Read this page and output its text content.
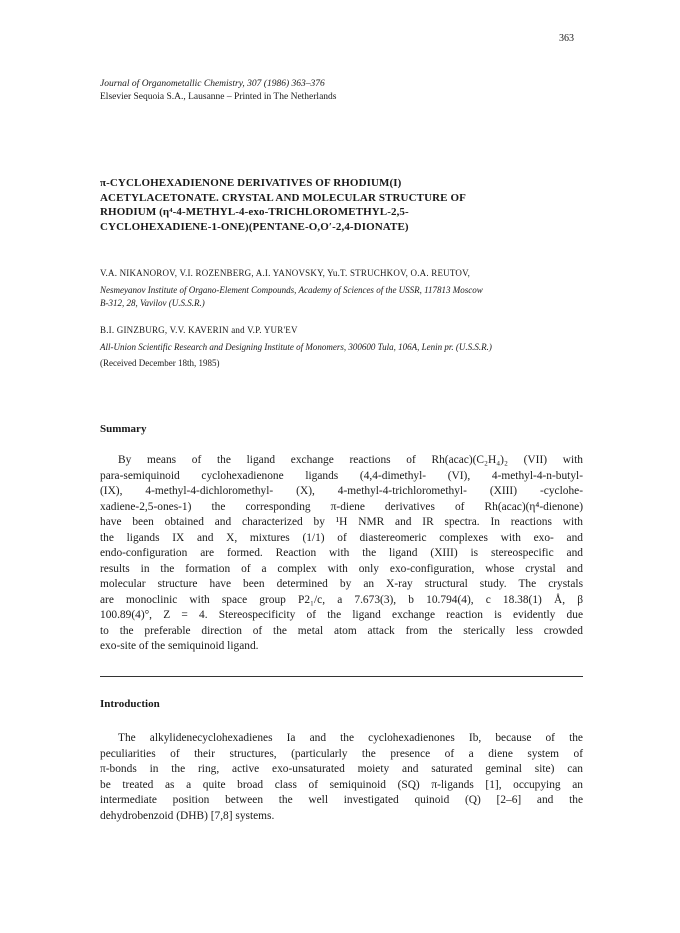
363
Journal of Organometallic Chemistry, 307 (1986) 363–376
Elsevier Sequoia S.A., Lausanne – Printed in The Netherlands
π-CYCLOHEXADIENONE DERIVATIVES OF RHODIUM(I)
ACETYLACETONATE. CRYSTAL AND MOLECULAR STRUCTURE OF
RHODIUM (η⁴-4-METHYL-4-exo-TRICHLOROMETHYL-2,5-
CYCLOHEXADIENE-1-ONE)(PENTANE-O,O′-2,4-DIONATE)
V.A. NIKANOROV, V.I. ROZENBERG, A.I. YANOVSKY, Yu.T. STRUCHKOV, O.A. REUTOV,
Nesmeyanov Institute of Organo-Element Compounds, Academy of Sciences of the USSR, 117813 Moscow
B-312, 28, Vavilov (U.S.S.R.)
B.I. GINZBURG, V.V. KAVERIN and V.P. YUR'EV
All-Union Scientific Research and Designing Institute of Monomers, 300600 Tula, 106A, Lenin pr. (U.S.S.R.)
(Received December 18th, 1985)
Summary
By means of the ligand exchange reactions of Rh(acac)(C₂H₄)₂ (VII) with
para-semiquinoid cyclohexadienone ligands (4,4-dimethyl- (VI), 4-methyl-4-n-butyl-
(IX), 4-methyl-4-dichloromethyl- (X), 4-methyl-4-trichloromethyl- (XIII) -cyclohe-
xadiene-2,5-ones-1) the corresponding π-diene derivatives of Rh(acac)(η⁴-dienone)
have been obtained and characterized by ¹H NMR and IR spectra. In reactions with
the ligands IX and X, mixtures (1/1) of diastereomeric complexes with exo- and
endo-configuration are formed. Reaction with the ligand (XIII) is stereospecific and
results in the formation of a complex with only exo-configuration, whose crystal and
molecular structure have been determined by an X-ray structural study. The crystals
are monoclinic with space group P2₁/c, a 7.673(3), b 10.794(4), c 18.38(1) Å, β
100.89(4)°, Z = 4. Stereospecificity of the ligand exchange reaction is evidently due
to the preferable direction of the metal atom attack from the sterically less crowded
exo-site of the semiquinoid ligand.
Introduction
The alkylidenecyclohexadienes Ia and the cyclohexadienones Ib, because of the
peculiarities of their structures, (particularly the presence of a diene system of
π-bonds in the ring, active exo-unsaturated moiety and saturated geminal site) can
be treated as a quite broad class of semiquinoid (SQ) π-ligands [1], occupying an
intermediate position between the well investigated quinoid (Q) [2–6] and the
dehydrobenzoid (DHB) [7,8] systems.
